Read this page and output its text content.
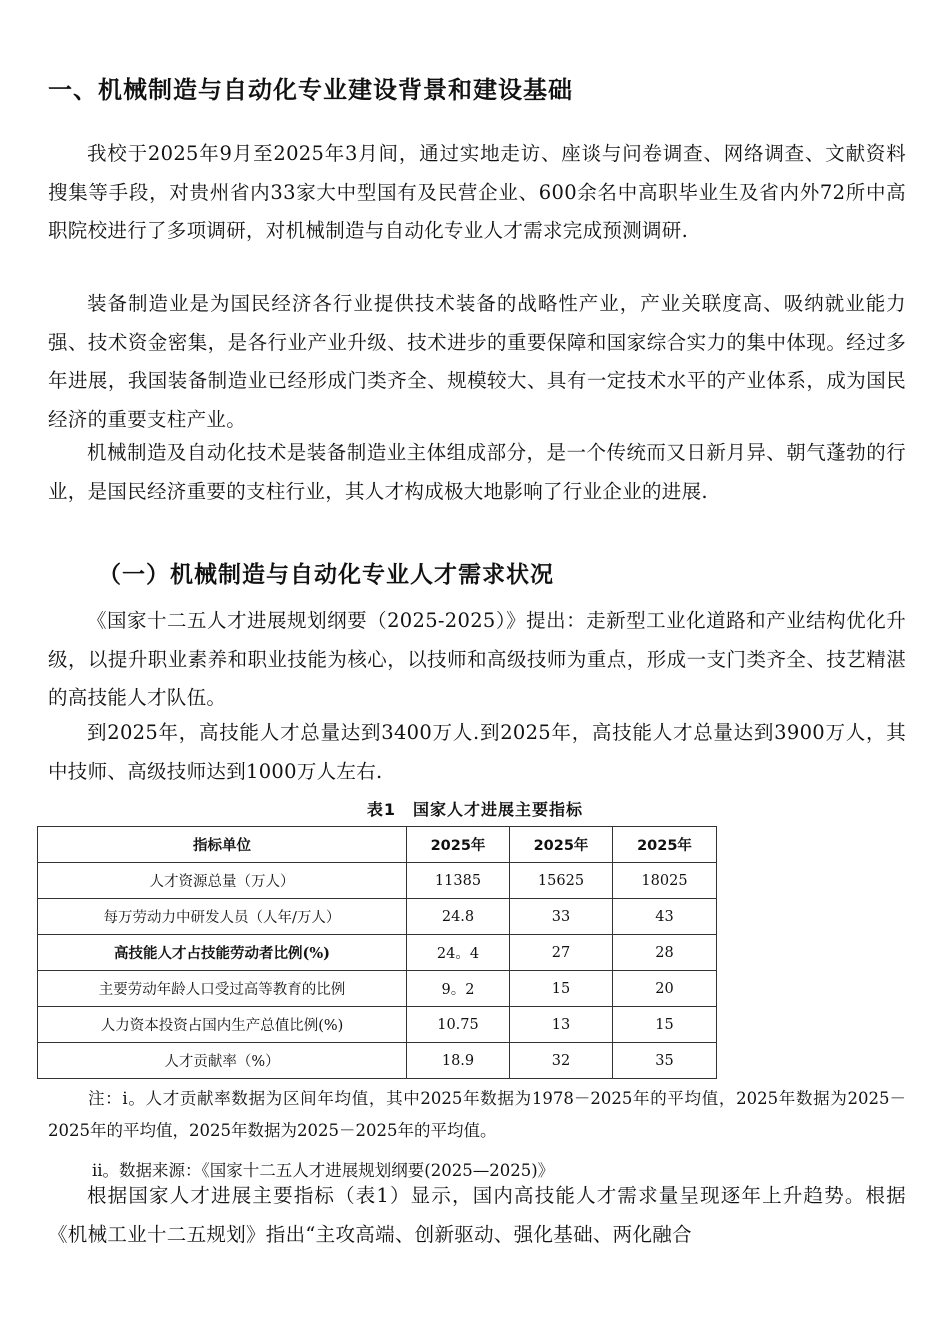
一、机械制造与自动化专业建设背景和建设基础

我校于2025年9月至2025年3月间，通过实地走访、座谈与问卷调查、网络调查、文献资料搜集等手段，对贵州省内33家大中型国有及民营企业、600余名中高职毕业生及省内外72所中高职院校进行了多项调研，对机械制造与自动化专业人才需求完成预测调研.

装备制造业是为国民经济各行业提供技术装备的战略性产业，产业关联度高、吸纳就业能力强、技术资金密集，是各行业产业升级、技术进步的重要保障和国家综合实力的集中体现。经过多年进展，我国装备制造业已经形成门类齐全、规模较大、具有一定技术水平的产业体系，成为国民经济的重要支柱产业。

机械制造及自动化技术是装备制造业主体组成部分，是一个传统而又日新月异、朝气蓬勃的行业，是国民经济重要的支柱行业，其人才构成极大地影响了行业企业的进展.

（一）机械制造与自动化专业人才需求状况

《国家十二五人才进展规划纲要（2025-2025）》提出：走新型工业化道路和产业结构优化升级，以提升职业素养和职业技能为核心，以技师和高级技师为重点，形成一支门类齐全、技艺精湛的高技能人才队伍。

到2025年，高技能人才总量达到3400万人.到2025年，高技能人才总量达到3900万人，其中技师、高级技师达到1000万人左右.

表1　国家人才进展主要指标
指标单位	2025年	2025年	2025年
人才资源总量（万人）	11385	15625	18025
每万劳动力中研发人员（人年/万人）	24.8	33	43
高技能人才占技能劳动者比例(%)	24。4	27	28
主要劳动年龄人口受过高等教育的比例	9。2	15	20
人力资本投资占国内生产总值比例(%)	10.75	13	15
人才贡献率（%）	18.9	32	35

注：ⅰ。人才贡献率数据为区间年均值，其中2025年数据为1978－2025年的平均值，2025年数据为2025－2025年的平均值，2025年数据为2025－2025年的平均值。

ⅱ。数据来源：《国家十二五人才进展规划纲要(2025—2025)》

根据国家人才进展主要指标（表1）显示，国内高技能人才需求量呈现逐年上升趋势。根据《机械工业十二五规划》指出“主攻高端、创新驱动、强化基础、两化融合
